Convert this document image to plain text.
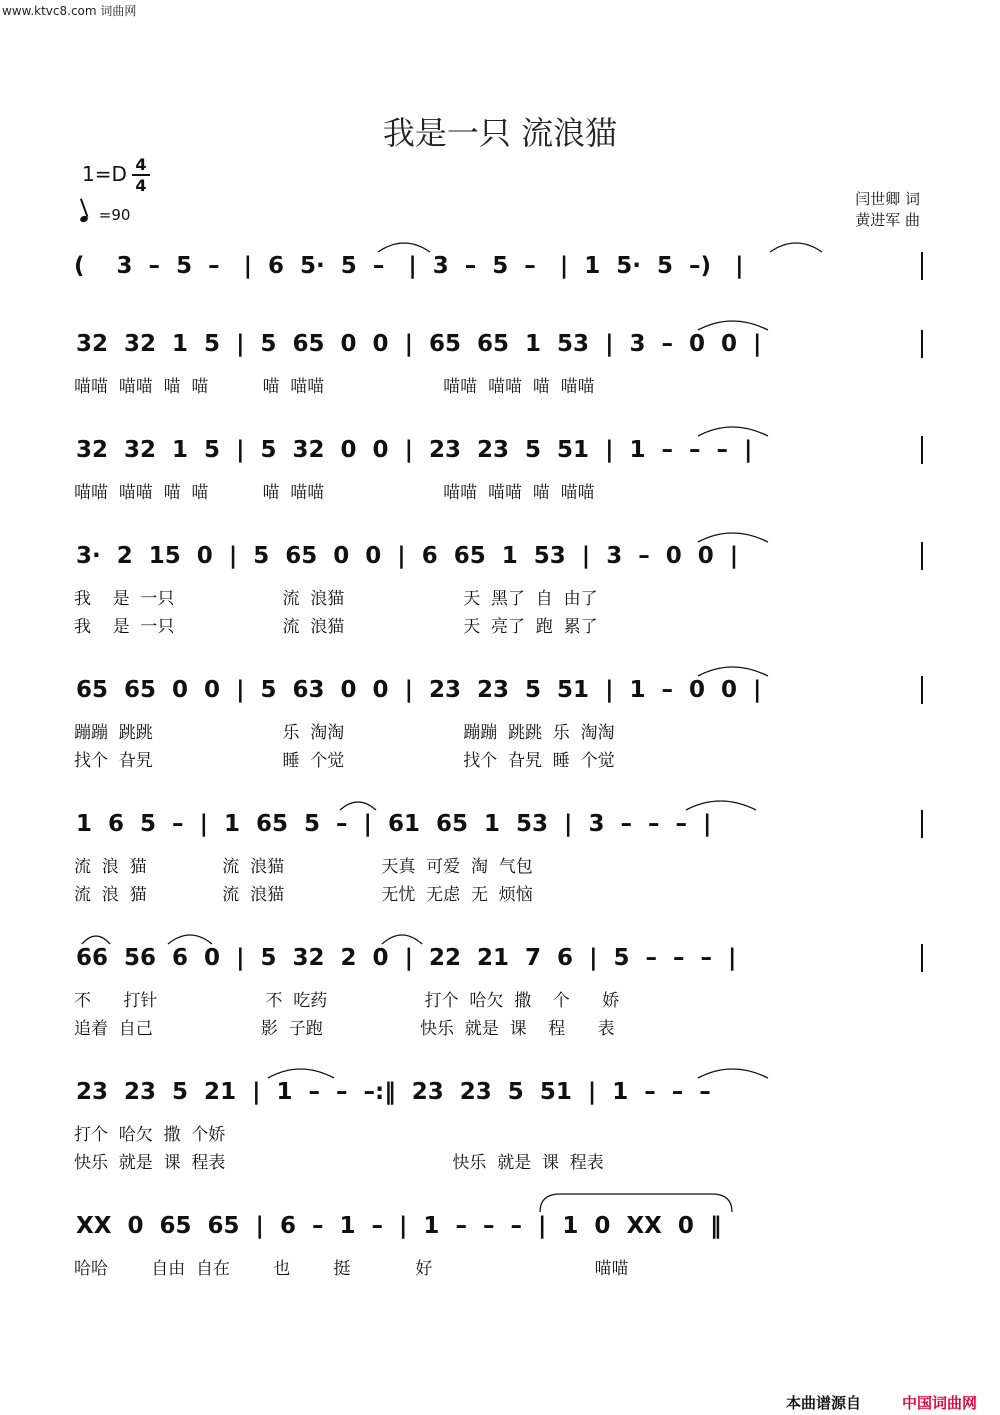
www.ktvc8.com 词曲网
我是一只 流浪猫
1=D 4
4
=90
闫世卿 词
黄进军 曲
(    3  –  5  –   |  6  5·  5  –   |  3  –  5  –   |  1  5·  5  –)   |
32  32  1  5  |  5  65  0  0  |  65  65  1  53  |  3  –  0  0  |
喵喵  喵喵  喵  喵          喵  喵喵                      喵喵  喵喵  喵  喵喵
32  32  1  5  |  5  32  0  0  |  23  23  5  51  |  1  –  –  –  |
喵喵  喵喵  喵  喵          喵  喵喵                      喵喵  喵喵  喵  喵喵
3·  2  15  0  |  5  65  0  0  |  6  65  1  53  |  3  –  0  0  |
我    是  一只                    流  浪猫                      天  黑了  自  由了
我    是  一只                    流  浪猫                      天  亮了  跑  累了
65  65  0  0  |  5  63  0  0  |  23  23  5  51  |  1  –  0  0  |
蹦蹦  跳跳                        乐  淘淘                      蹦蹦  跳跳  乐  淘淘
找个  旮旯                        睡  个觉                      找个  旮旯  睡  个觉
1  6  5  –  |  1  65  5  –  |  61  65  1  53  |  3  –  –  –  |
流  浪  猫              流  浪猫                  天真  可爱  淘  气包
流  浪  猫              流  浪猫                  无忧  无虑  无  烦恼
66  56  6  0  |  5  32  2  0  |  22  21  7  6  |  5  –  –  –  |
不      打针                    不  吃药                  打个  哈欠  撒    个      娇
追着  自己                    影  子跑                  快乐  就是  课    程      表
23  23  5  21  |  1  –  –  –:‖  23  23  5  51  |  1  –  –  –
打个  哈欠  撒  个娇
快乐  就是  课  程表                                          快乐  就是  课  程表
XX  0  65  65  |  6  –  1  –  |  1  –  –  –  |  1  0  XX  0  ‖
哈哈        自由  自在        也        挺            好                              喵喵
本曲谱源自	中国词曲网
